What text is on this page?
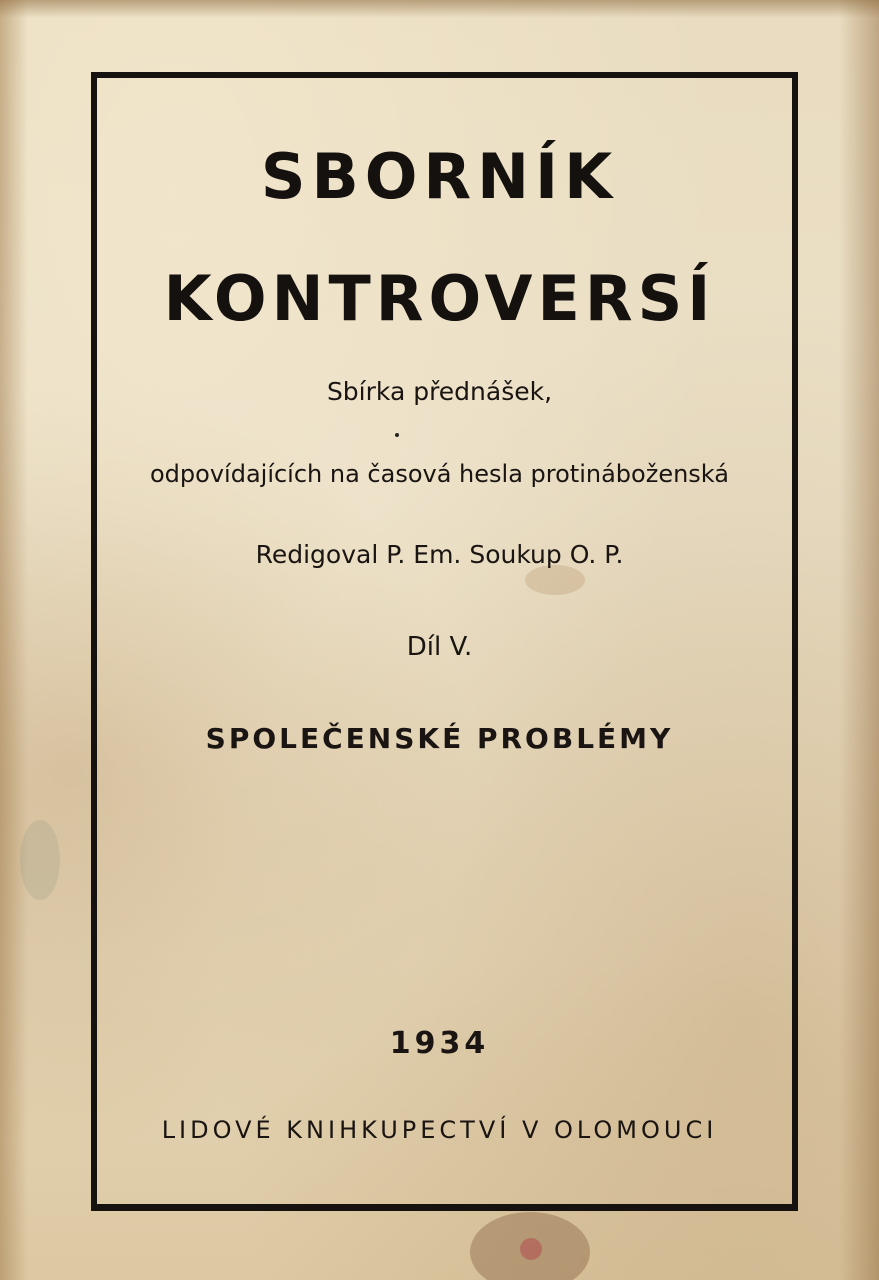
SBORNÍK
KONTROVERSÍ

Sbírka přednášek,

odpovídajících na časová hesla protináboženská

Redigoval P. Em. Soukup O. P.

Díl V.

SPOLEČENSKÉ PROBLÉMY

1934

LIDOVÉ KNIHKUPECTVÍ V OLOMOUCI
